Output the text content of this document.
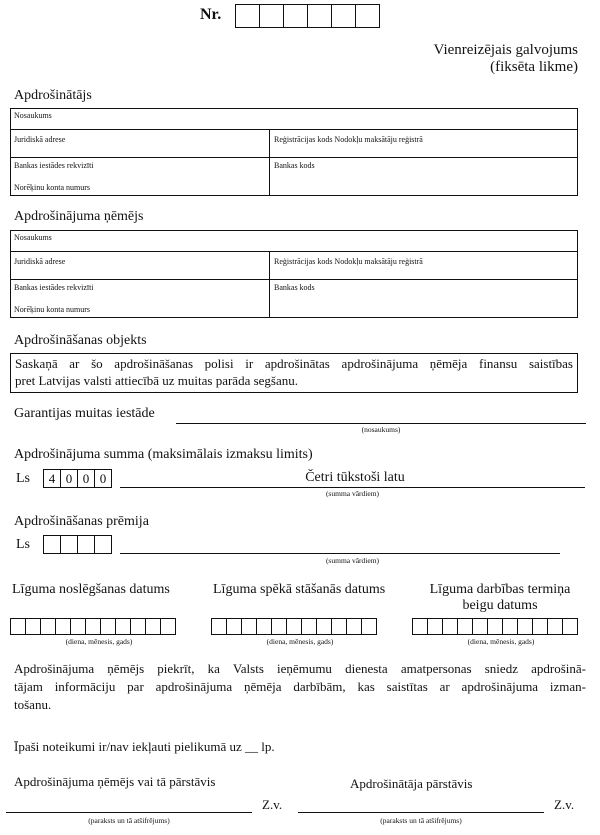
Nr.
Vienreizējais galvojums
(fiksēta likme)
Apdrošinātājs
Nosaukums
Juridiskā adrese	Reģistrācijas kods Nodokļu maksātāju reģistrā
Bankas iestādes rekvizīti	Bankas kods
Norēķinu konta numurs
Apdrošinājuma ņēmējs
Nosaukums
Juridiskā adrese	Reģistrācijas kods Nodokļu maksātāju reģistrā
Bankas iestādes rekvizīti	Bankas kods
Norēķinu konta numurs
Apdrošināšanas objekts
Saskaņā ar šo apdrošināšanas polisi ir apdrošinātas apdrošinājuma ņēmēja finansu saistības
pret Latvijas valsti attiecībā uz muitas parāda segšanu.
Garantijas muitas iestāde
(nosaukums)
Apdrošinājuma summa (maksimālais izmaksu limits)
Ls	4 0 0 0	Četri tūkstoši latu
(summa vārdiem)
Apdrošināšanas prēmija
Ls
(summa vārdiem)
Līguma noslēgšanas datums	Līguma spēkā stāšanās datums	Līguma darbības termiņa
beigu datums
(diena, mēnesis, gads)	(diena, mēnesis, gads)	(diena, mēnesis, gads)
Apdrošinājuma ņēmējs piekrīt, ka Valsts ieņēmumu dienesta amatpersonas sniedz apdrošinā-
tājam informāciju par apdrošinājuma ņēmēja darbībām, kas saistītas ar apdrošinājuma izman-
tošanu.
Īpaši noteikumi ir/nav iekļauti pielikumā uz __ lp.
Apdrošinājuma ņēmējs vai tā pārstāvis	Apdrošinātāja pārstāvis
Z.v.	Z.v.
(paraksts un tā atšifrējums)	(paraksts un tā atšifrējums)
